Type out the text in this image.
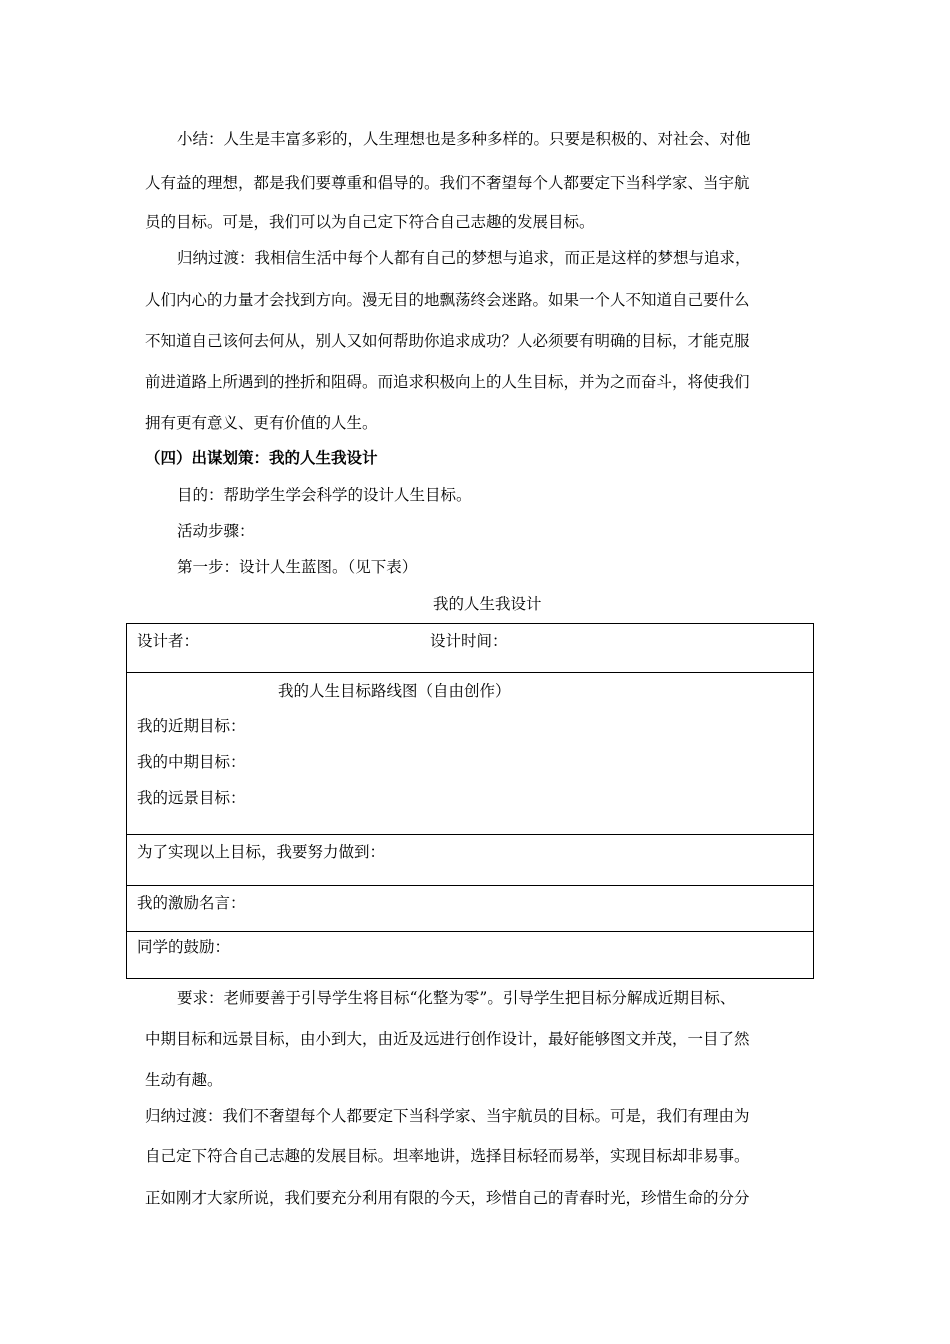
小结：人生是丰富多彩的，人生理想也是多种多样的。只要是积极的、对社会、对他
人有益的理想，都是我们要尊重和倡导的。我们不奢望每个人都要定下当科学家、当宇航
员的目标。可是，我们可以为自己定下符合自己志趣的发展目标。
归纳过渡：我相信生活中每个人都有自己的梦想与追求，而正是这样的梦想与追求，
人们内心的力量才会找到方向。漫无目的地飘荡终会迷路。如果一个人不知道自己要什么
不知道自己该何去何从，别人又如何帮助你追求成功？人必须要有明确的目标，才能克服
前进道路上所遇到的挫折和阻碍。而追求积极向上的人生目标，并为之而奋斗，将使我们
拥有更有意义、更有价值的人生。
（四）出谋划策：我的人生我设计
目的：帮助学生学会科学的设计人生目标。
活动步骤：
第一步：设计人生蓝图。（见下表）
我的人生我设计
设计者：	设计时间：
我的人生目标路线图（自由创作）
我的近期目标：
我的中期目标：
我的远景目标：
为了实现以上目标，我要努力做到：
我的激励名言：
同学的鼓励：
要求：老师要善于引导学生将目标“化整为零”。引导学生把目标分解成近期目标、
中期目标和远景目标，由小到大，由近及远进行创作设计，最好能够图文并茂，一目了然
生动有趣。
归纳过渡：我们不奢望每个人都要定下当科学家、当宇航员的目标。可是，我们有理由为
自己定下符合自己志趣的发展目标。坦率地讲，选择目标轻而易举，实现目标却非易事。
正如刚才大家所说，我们要充分利用有限的今天，珍惜自己的青春时光，珍惜生命的分分
